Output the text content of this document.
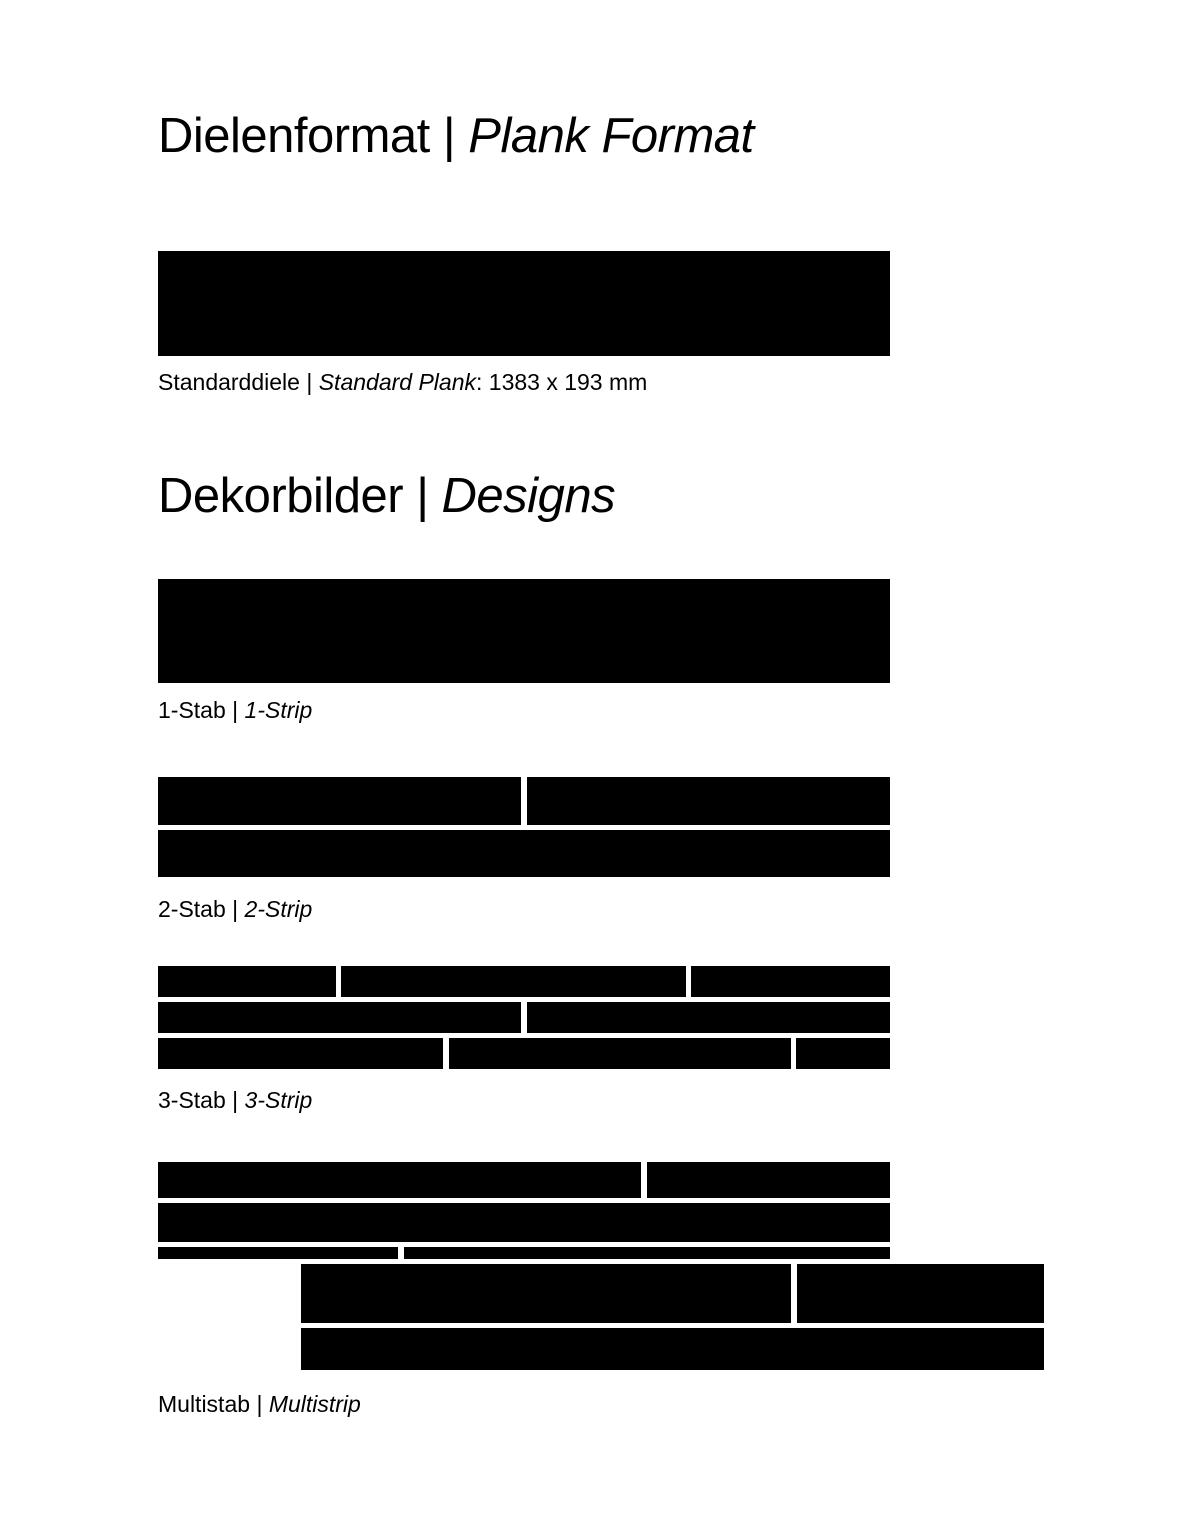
Dielenformat | Plank Format

Standarddiele | Standard Plank: 1383 x 193 mm

Dekorbilder | Designs

1-Stab | 1-Strip

2-Stab | 2-Strip

3-Stab | 3-Strip

Multistab | Multistrip
